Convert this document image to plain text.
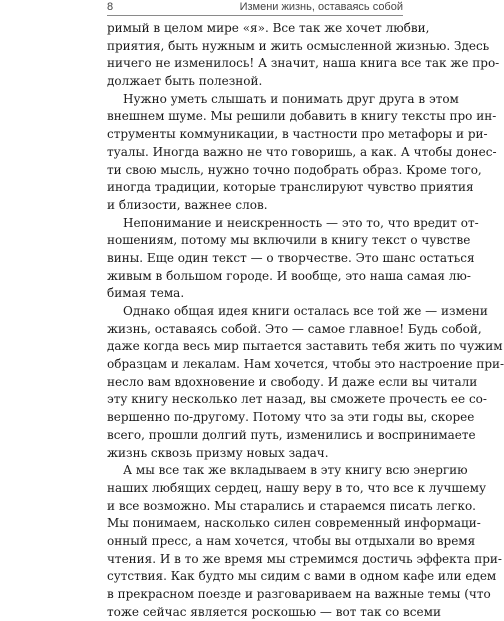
8	Измени жизнь, оставаясь собой
римый в целом мире «я». Все так же хочет любви,
приятия, быть нужным и жить осмысленной жизнью. Здесь
ничего не изменилось! А значит, наша книга все так же про-
должает быть полезной.
Нужно уметь слышать и понимать друг друга в этом
внешнем шуме. Мы решили добавить в книгу тексты про ин-
струменты коммуникации, в частности про метафоры и ри-
туалы. Иногда важно не что говоришь, а как. А чтобы донес-
ти свою мысль, нужно точно подобрать образ. Кроме того,
иногда традиции, которые транслируют чувство приятия
и близости, важнее слов.
Непонимание и неискренность — это то, что вредит от-
ношениям, потому мы включили в книгу текст о чувстве
вины. Еще один текст — о творчестве. Это шанс остаться
живым в большом городе. И вообще, это наша самая лю-
бимая тема.
Однако общая идея книги осталась все той же — измени
жизнь, оставаясь собой. Это — самое главное! Будь собой,
даже когда весь мир пытается заставить тебя жить по чужим
образцам и лекалам. Нам хочется, чтобы это настроение при-
несло вам вдохновение и свободу. И даже если вы читали
эту книгу несколько лет назад, вы сможете прочесть ее со-
вершенно по-другому. Потому что за эти годы вы, скорее
всего, прошли долгий путь, изменились и воспринимаете
жизнь сквозь призму новых задач.
А мы все так же вкладываем в эту книгу всю энергию
наших любящих сердец, нашу веру в то, что все к лучшему
и все возможно. Мы старались и стараемся писать легко.
Мы понимаем, насколько силен современный информаци-
онный пресс, а нам хочется, чтобы вы отдыхали во время
чтения. И в то же время мы стремимся достичь эффекта при-
сутствия. Как будто мы сидим с вами в одном кафе или едем
в прекрасном поезде и разговариваем на важные темы (что
тоже сейчас является роскошью — вот так со всеми
